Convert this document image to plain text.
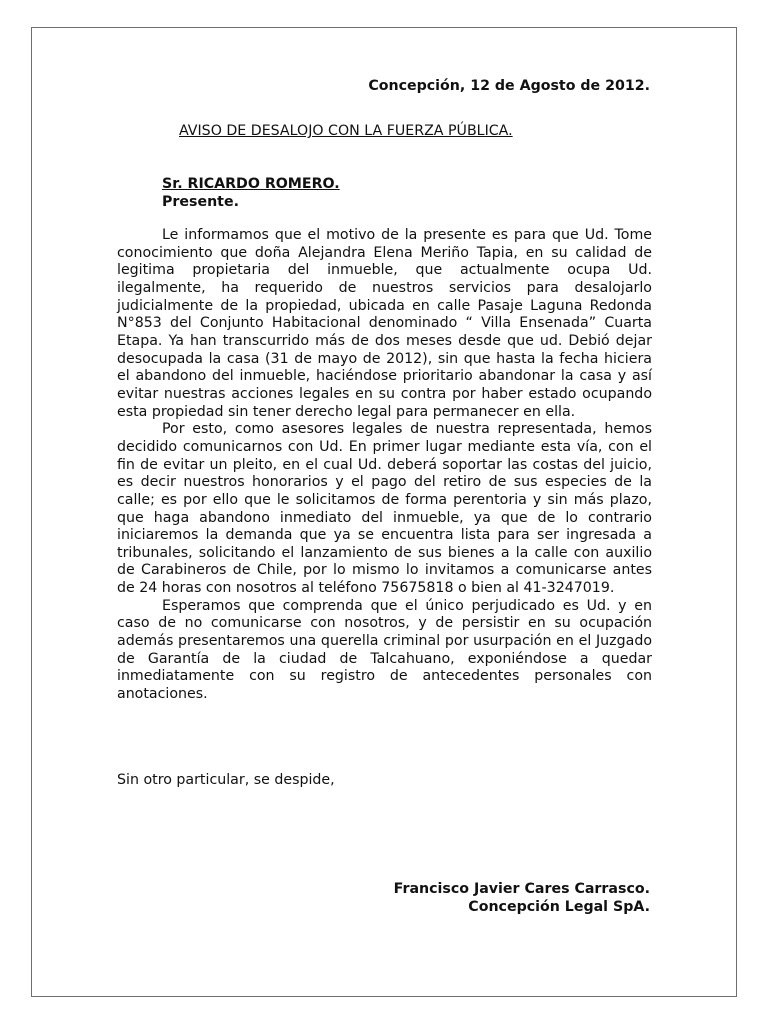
Concepción, 12 de Agosto de 2012.
AVISO DE DESALOJO CON LA FUERZA PÚBLICA.
Sr. RICARDO ROMERO.
Presente.

Le informamos que el motivo de la presente es para que Ud. Tome conocimiento que doña Alejandra Elena Meriño Tapia, en su calidad de legitima propietaria del inmueble, que actualmente ocupa Ud. ilegalmente, ha requerido de nuestros servicios para desalojarlo judicialmente de la propiedad, ubicada en calle Pasaje Laguna Redonda N°853 del Conjunto Habitacional denominado “ Villa Ensenada” Cuarta Etapa. Ya han transcurrido más de dos meses desde que ud. Debió dejar desocupada la casa (31 de mayo de 2012), sin que hasta la fecha hiciera el abandono del inmueble, haciéndose prioritario abandonar la casa y así evitar nuestras acciones legales en su contra por haber estado ocupando esta propiedad sin tener derecho legal para permanecer en ella.

Por esto, como asesores legales de nuestra representada, hemos decidido comunicarnos con Ud. En primer lugar mediante esta vía, con el fin de evitar un pleito, en el cual Ud. deberá soportar las costas del juicio, es decir nuestros honorarios y el pago del retiro de sus especies de la calle; es por ello que le solicitamos de forma perentoria y sin más plazo, que haga abandono inmediato del inmueble, ya que de lo contrario iniciaremos la demanda que ya se encuentra lista para ser ingresada a tribunales, solicitando el lanzamiento de sus bienes a la calle con auxilio de Carabineros de Chile, por lo mismo lo invitamos a comunicarse antes de 24 horas con nosotros al teléfono 75675818 o bien al 41-3247019.

Esperamos que comprenda que el único perjudicado es Ud. y en caso de no comunicarse con nosotros, y de persistir en su ocupación además presentaremos una querella criminal por usurpación en el Juzgado de Garantía de la ciudad de Talcahuano, exponiéndose a quedar inmediatamente con su registro de antecedentes personales con anotaciones.

Sin otro particular, se despide,
Francisco Javier Cares Carrasco.
Concepción Legal SpA.
